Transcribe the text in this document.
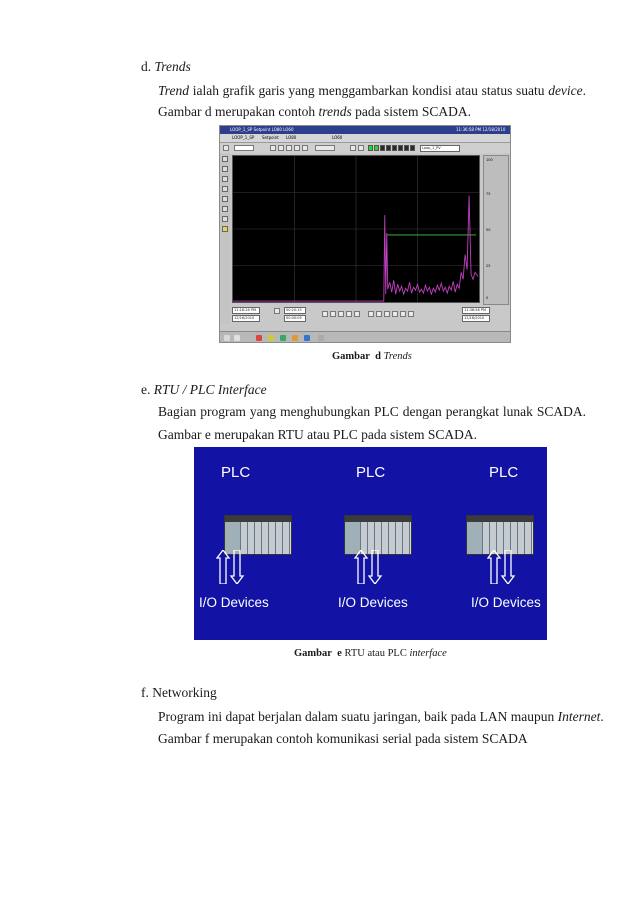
d. Trends
Trend ialah grafik garis yang menggambarkan kondisi atau status suatu device.
Gambar d merupakan contoh trends pada sistem SCADA.
LOOP_1_SP Setpoint LO80 LO60	11:36:58 PM 12/18/2010
LOOP_1_SP Setpoint LO80	LO60
Loop_1_PV
100
75
50
25
0
11:18:26 PM
12/18/2010
00:20:15
00:00:05
11:36:58 PM
12/18/2010
Gambar d Trends
e. RTU / PLC Interface
Bagian program yang menghubungkan PLC dengan perangkat lunak SCADA.
Gambar e merupakan RTU atau PLC pada sistem SCADA.
PLC	PLC	PLC
I/O Devices	I/O Devices	I/O Devices
Gambar e RTU atau PLC interface
f. Networking
Program ini dapat berjalan dalam suatu jaringan, baik pada LAN maupun Internet.
Gambar f merupakan contoh komunikasi serial pada sistem SCADA
